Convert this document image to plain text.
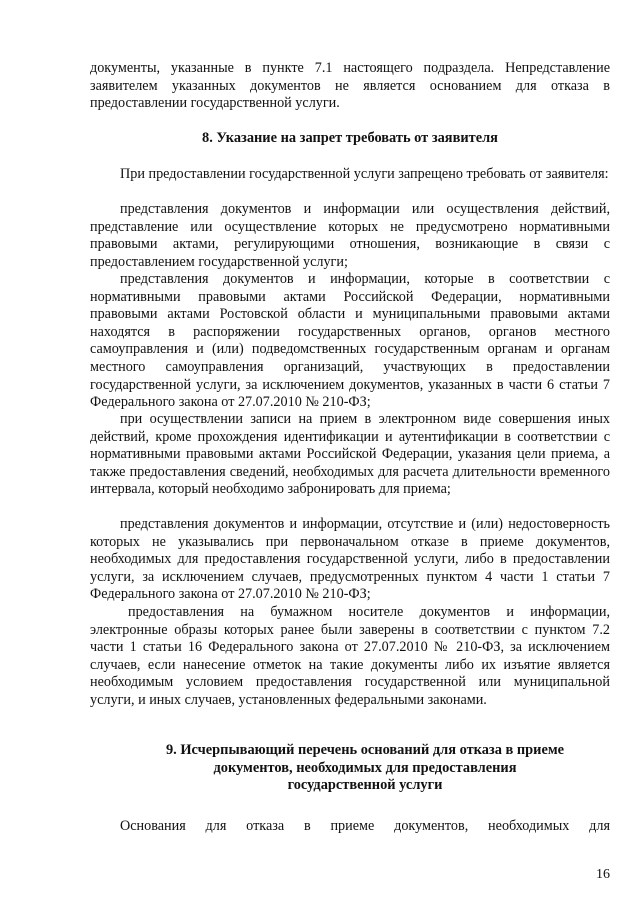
документы, указанные в пункте 7.1 настоящего подраздела. Непредставление заявителем указанных документов не является основанием для отказа в предоставлении государственной услуги.

8. Указание на запрет требовать от заявителя

При предоставлении государственной услуги запрещено требовать от заявителя:

представления документов и информации или осуществления действий, представление или осуществление которых не предусмотрено нормативными правовыми актами, регулирующими отношения, возникающие в связи с предоставлением государственной услуги;

представления документов и информации, которые в соответствии с нормативными правовыми актами Российской Федерации, нормативными правовыми актами Ростовской области и муниципальными правовыми актами находятся в распоряжении государственных органов, органов местного самоуправления и (или) подведомственных государственным органам и органам местного самоуправления организаций, участвующих в предоставлении государственной услуги, за исключением документов, указанных в части 6 статьи 7 Федерального закона от 27.07.2010 № 210-ФЗ;

при осуществлении записи на прием в электронном виде совершения иных действий, кроме прохождения идентификации и аутентификации в соответствии с нормативными правовыми актами Российской Федерации, указания цели приема, а также предоставления сведений, необходимых для расчета длительности временного интервала, который необходимо забронировать для приема;

представления документов и информации, отсутствие и (или) недостоверность которых не указывались при первоначальном отказе в приеме документов, необходимых для предоставления государственной услуги, либо в предоставлении услуги, за исключением случаев, предусмотренных пунктом 4 части 1 статьи 7 Федерального закона от 27.07.2010 № 210-ФЗ;

предоставления на бумажном носителе документов и информации, электронные образы которых ранее были заверены в соответствии с пунктом 7.2 части 1 статьи 16 Федерального закона от 27.07.2010 № 210-ФЗ, за исключением случаев, если нанесение отметок на такие документы либо их изъятие является необходимым условием предоставления государственной или муниципальной услуги, и иных случаев, установленных федеральными законами.

9. Исчерпывающий перечень оснований для отказа в приеме
документов, необходимых для предоставления
государственной услуги

Основания для отказа в приеме документов, необходимых для

16
